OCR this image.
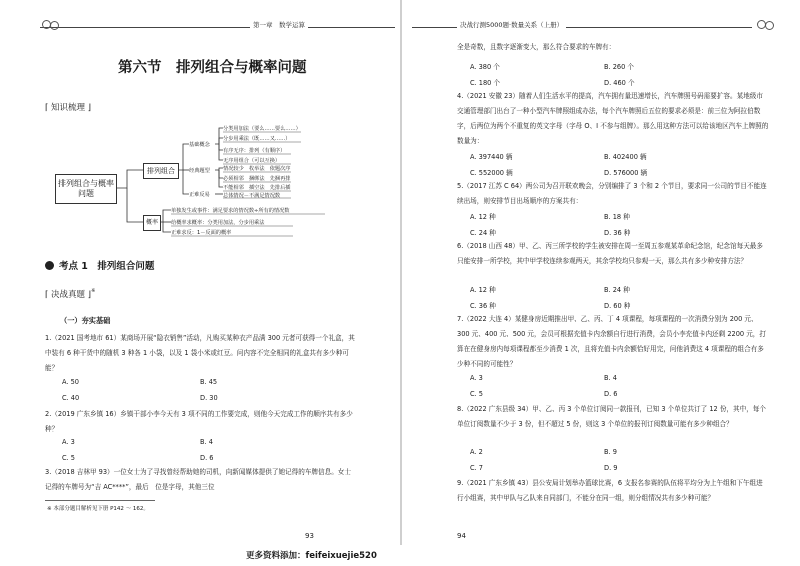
第一章　数学运算
第六节　排列组合与概率问题
⌈ 知识梳理 ⌋
排列组合与概率问题
排列组合
概率
基础概念
经典题型
正难反易
分类用加法（要么……要么……）
分步用乘法（既……又……）
有序无序：排列（有顺序）
无序用组合（可以互换）
情况较少　枚举法　依题次序
必须相邻　捆绑法　先捆再排
不能相邻　插空法　先排后插
总体情况－不满足情况数
单独发生或事件：满足要求的情况数÷所有的情况数
给概率求概率：分类用加法，分步用乘法
正难求反：1－反面的概率
考点 1　排列组合问题
⌈ 决战真题 ⌋※
（一）夯实基础
1.（2021 国考地市 61）某商场开展“隐衣销售”活动，凡购买某种衣产品满 300 元者可获得一个礼盒，其中装有 6 种干货中的随机 3 种各 1 小袋，以及 1 袋小米或红豆。问内容不完全相同的礼盒共有多少种可能？
A. 50	B. 45
C. 40	D. 30
2.（2019 广东乡镇 16）乡镇干部小李今天有 3 项不同的工作要完成，则他今天完成工作的顺序共有多少种？
A. 3	B. 4
C. 5	D. 6
3.（2018 吉林甲 93）一位女士为了寻找曾经帮助她的司机，向新闻媒体提供了她记得的车牌信息。女士记得的车牌号为“吉 AC****”，最后　位是字母，其他三位
※ 本部分题目解析见下册 P142 ～ 162。
93
决战行测5000题·数量关系（上册）
全是奇数，且数字逐渐变大，那么符合要求的车牌有：
A. 380 个	B. 260 个
C. 180 个	D. 460 个
4.（2021 安徽 23）随着人们生活水平的提高，汽车拥有量迅速增长，汽车牌照号码需要扩容。某地级市交通管理部门出台了一种小型汽车牌照组成办法，每个汽车牌照后五位的要求必须是：前三位为阿拉伯数字，后两位为两个不重复的英文字母（字母 O、I 不参与组牌）。那么用这种方法可以给该地区汽车上牌照的数量为：
A. 397440 辆	B. 402400 辆
C. 552000 辆	D. 576000 辆
5.（2017 江苏 C 64）两公司为召开联欢晚会，分别编排了 3 个和 2 个节目，要求同一公司的节目不能连续出场，则安排节目出场顺序的方案共有：
A. 12 种	B. 18 种
C. 24 种	D. 36 种
6.（2018 山西 48）甲、乙、丙三所学校的学生被安排在周一至周五参观某革命纪念馆，纪念馆每天最多只能安排一所学校，其中甲学校连续参观两天，其余学校均只参观一天，那么共有多少种安排方法？
A. 12 种	B. 24 种
C. 36 种	D. 60 种
7.（2022 大连 4）某健身房近期推出甲、乙、丙、丁 4 项课程，每项课程的一次消费分别为 200 元、300 元、400 元、500 元，会员可根据充值卡内余额自行进行消费，会员小李充值卡内还剩 2200 元，打算在在健身房内每项课程都至少消费 1 次，且将充值卡内余额恰好用完，问他消费这 4 项课程的组合有多少种不同的可能性？
A. 3	B. 4
C. 5	D. 6
8.（2022 广东县级 34）甲、乙、丙 3 个单位订阅同一款报刊，已知 3 个单位共订了 12 份，其中，每个单位订阅数量不少于 3 份，但不超过 5 份，则这 3 个单位的报刊订阅数量可能有多少种组合？
A. 2	B. 9
C. 7	D. 9
9.（2021 广东乡镇 43）县公安局计划举办篮球比赛，6 支报名参赛的队伍将平均分为上午组和下午组进行小组赛，其中甲队与乙队来自同部门，不能分在同一组，则分组情况共有多少种可能？
94
更多资料添加：feifeixuejie520
